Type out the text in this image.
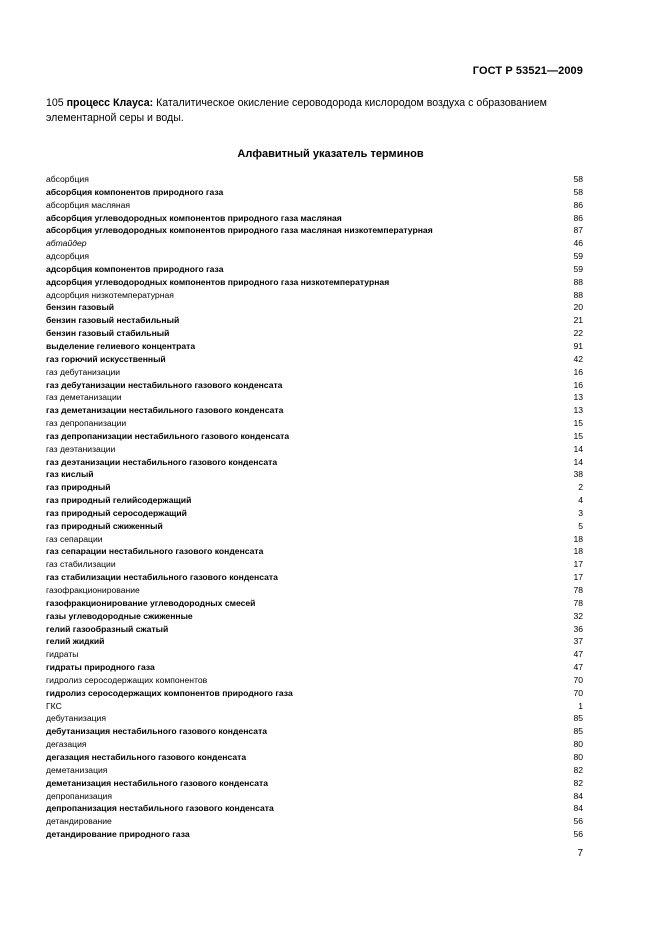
ГОСТ Р 53521—2009
105 процесс Клауса: Каталитическое окисление сероводорода кислородом воздуха с образованием элементарной серы и воды.
Алфавитный указатель терминов
абсорбция	58
абсорбция компонентов природного газа	58
абсорбция масляная	86
абсорбция углеводородных компонентов природного газа масляная	86
абсорбция углеводородных компонентов природного газа масляная низкотемпературная	87
абтайдер	46
адсорбция	59
адсорбция компонентов природного газа	59
адсорбция углеводородных компонентов природного газа низкотемпературная	88
адсорбция низкотемпературная	88
бензин газовый	20
бензин газовый нестабильный	21
бензин газовый стабильный	22
выделение гелиевого концентрата	91
газ горючий искусственный	42
газ дебутанизации	16
газ дебутанизации нестабильного газового конденсата	16
газ деметанизации	13
газ деметанизации нестабильного газового конденсата	13
газ депропанизации	15
газ депропанизации нестабильного газового конденсата	15
газ деэтанизации	14
газ деэтанизации нестабильного газового конденсата	14
газ кислый	38
газ природный	2
газ природный гелийсодержащий	4
газ природный серосодержащий	3
газ природный сжиженный	5
газ сепарации	18
газ сепарации нестабильного газового конденсата	18
газ стабилизации	17
газ стабилизации нестабильного газового конденсата	17
газофракционирование	78
газофракционирование углеводородных смесей	78
газы углеводородные сжиженные	32
гелий газообразный сжатый	36
гелий жидкий	37
гидраты	47
гидраты природного газа	47
гидролиз серосодержащих компонентов	70
гидролиз серосодержащих компонентов природного газа	70
ГКС	1
дебутанизация	85
дебутанизация нестабильного газового конденсата	85
дегазация	80
дегазация нестабильного газового конденсата	80
деметанизация	82
деметанизация нестабильного газового конденсата	82
депропанизация	84
депропанизация нестабильного газового конденсата	84
детандирование	56
детандирование природного газа	56
7
